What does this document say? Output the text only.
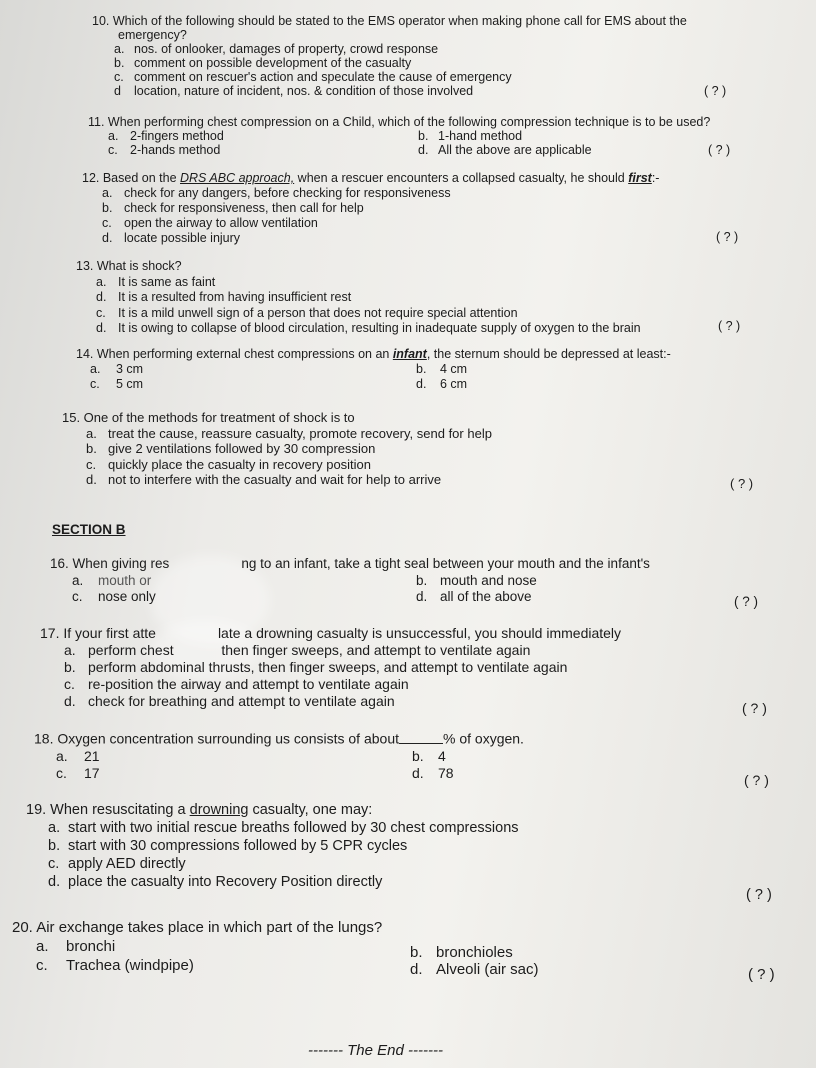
10. Which of the following should be stated to the EMS operator when making phone call for EMS about the
emergency?
a. nos. of onlooker, damages of property, crowd response
b. comment on possible development of the casualty
c. comment on rescuer's action and speculate the cause of emergency
d location, nature of incident, nos. & condition of those involved	( ? )
11. When performing chest compression on a Child, which of the following compression technique is to be used?
a. 2-fingers method	b. 1-hand method
c. 2-hands method	d. All the above are applicable	( ? )
12. Based on the DRS ABC approach, when a rescuer encounters a collapsed casualty, he should first:-
a. check for any dangers, before checking for responsiveness
b. check for responsiveness, then call for help
c. open the airway to allow ventilation
d. locate possible injury	( ? )
13. What is shock?
a. It is same as faint
d. It is a resulted from having insufficient rest
c. It is a mild unwell sign of a person that does not require special attention
d. It is owing to collapse of blood circulation, resulting in inadequate supply of oxygen to the brain	( ? )
14. When performing external chest compressions on an infant, the sternum should be depressed at least:-
a. 3 cm	b. 4 cm
c. 5 cm	d. 6 cm
15. One of the methods for treatment of shock is to
a. treat the cause, reassure casualty, promote recovery, send for help
b. give 2 ventilations followed by 30 compression
c. quickly place the casualty in recovery position
d. not to interfere with the casualty and wait for help to arrive	( ? )
SECTION B
16. When giving res	ng to an infant, take a tight seal between your mouth and the infant's
a. mouth or	b. mouth and nose
c. nose only	d. all of the above	( ? )
17. If your first atte	late a drowning casualty is unsuccessful, you should immediately
a. perform chest	then finger sweeps, and attempt to ventilate again
b. perform abdominal thrusts, then finger sweeps, and attempt to ventilate again
c. re-position the airway and attempt to ventilate again
d. check for breathing and attempt to ventilate again	( ? )
18. Oxygen concentration surrounding us consists of about	% of oxygen.
a. 21	b. 4
c. 17	d. 78	( ? )
19. When resuscitating a drowning casualty, one may:
a. start with two initial rescue breaths followed by 30 chest compressions
b. start with 30 compressions followed by 5 CPR cycles
c. apply AED directly
d. place the casualty into Recovery Position directly
( ? )
20. Air exchange takes place in which part of the lungs?
a. bronchi	b. bronchioles
c. Trachea (windpipe)	d. Alveoli (air sac)	( ? )
------- The End -------
